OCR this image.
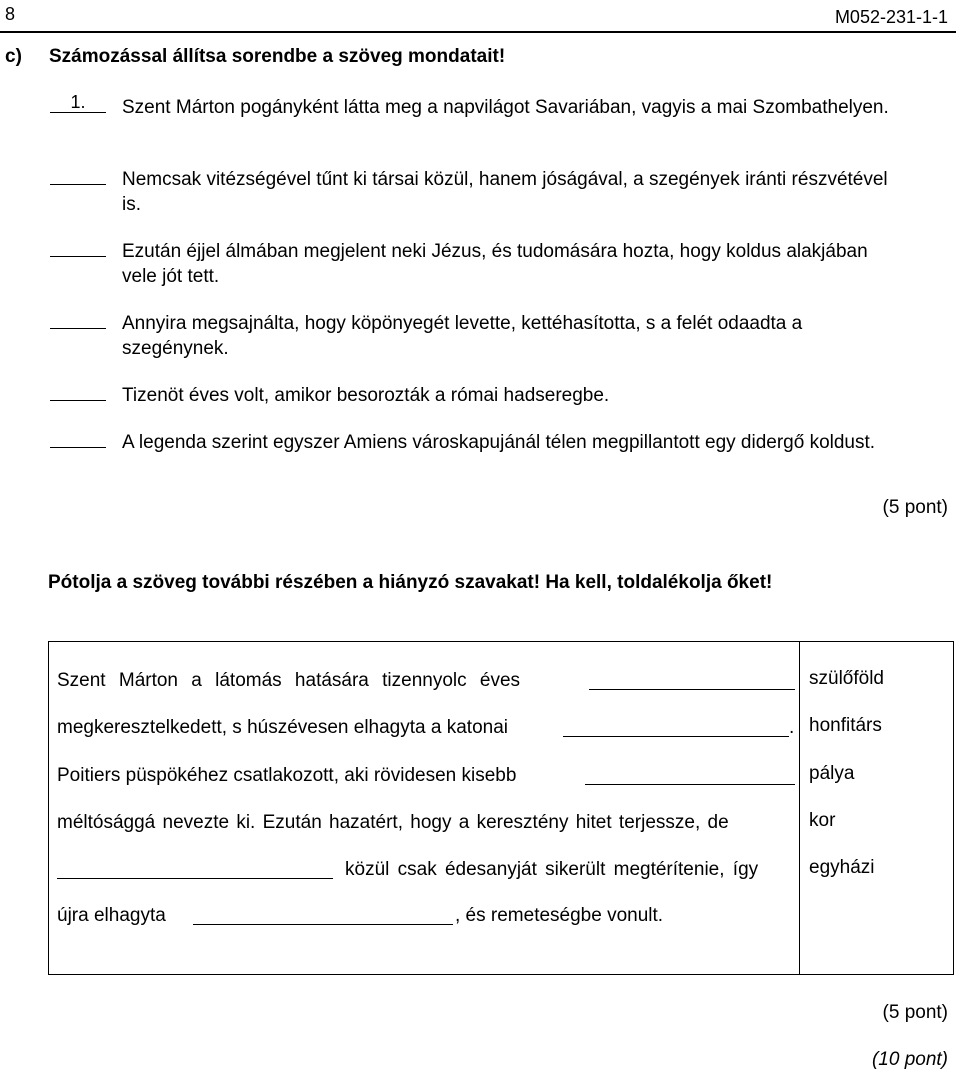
8	M052-231-1-1
c) Számozással állítsa sorendbe a szöveg mondatait!
1.	Szent Márton pogányként látta meg a napvilágot Savariában, vagyis a mai Szombathelyen.
Nemcsak vitézségével tűnt ki társai közül, hanem jóságával, a szegények iránti részvétével is.
Ezután éjjel álmában megjelent neki Jézus, és tudomására hozta, hogy koldus alakjában vele jót tett.
Annyira megsajnálta, hogy köpönyegét levette, kettéhasította, s a felét odaadta a szegénynek.
Tizenöt éves volt, amikor besorozták a római hadseregbe.
A legenda szerint egyszer Amiens városkapujánál télen megpillantott egy didergő koldust.
(5 pont)
Pótolja a szöveg további részében a hiányzó szavakat! Ha kell, toldalékolja őket!
Szent Márton a látomás hatására tizennyolc éves
megkeresztelkedett, s húszévesen elhagyta a katonai	.
Poitiers püspökéhez csatlakozott, aki rövidesen kisebb
méltósággá nevezte ki. Ezután hazatért, hogy a keresztény hitet terjessze, de
közül csak édesanyját sikerült megtérítenie, így
újra elhagyta	, és remeteségbe vonult.
szülőföld
honfitárs
pálya
kor
egyházi
(5 pont)
(10 pont)
